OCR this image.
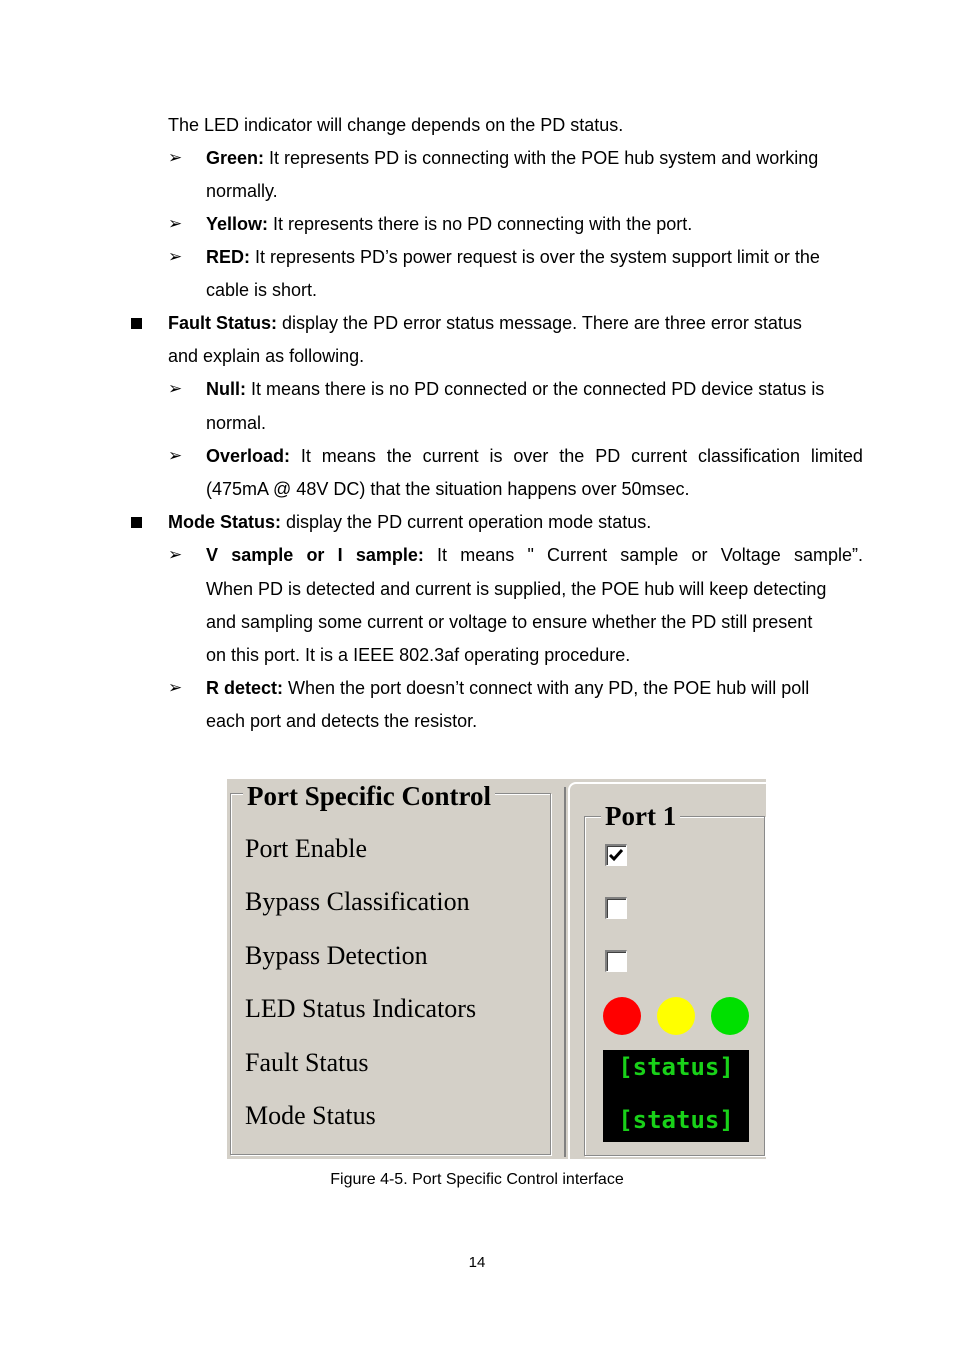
The LED indicator will change depends on the PD status.
➢ Green: It represents PD is connecting with the POE hub system and working
normally.
➢ Yellow: It represents there is no PD connecting with the port.
➢ RED: It represents PD’s power request is over the system support limit or the
cable is short.
Fault Status: display the PD error status message. There are three error status
and explain as following.
➢ Null: It means there is no PD connected or the connected PD device status is
normal.
➢ Overload: It means the current is over the PD current classification limited
(475mA @ 48V DC) that the situation happens over 50msec.
Mode Status: display the PD current operation mode status.
➢ V sample or I sample: It means " Current sample or Voltage sample”.
When PD is detected and current is supplied, the POE hub will keep detecting
and sampling some current or voltage to ensure whether the PD still present
on this port. It is a IEEE 802.3af operating procedure.
➢ R detect: When the port doesn’t connect with any PD, the POE hub will poll
each port and detects the resistor.
Port Specific Control
Port Enable
Bypass Classification
Bypass Detection
LED Status Indicators
Fault Status
Mode Status
Port 1
[status]
[status]
Figure 4-5. Port Specific Control interface
14
